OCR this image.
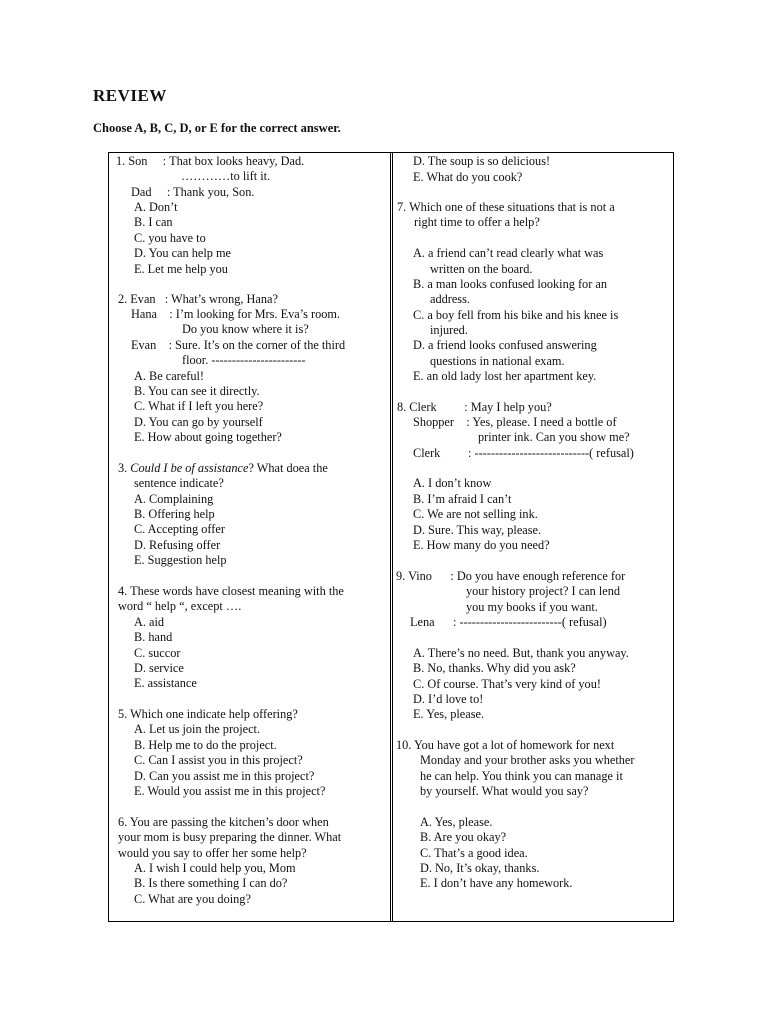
REVIEW
Choose A, B, C, D, or E for the correct answer.
1. Son     : That box looks heavy, Dad.
…………to lift it.
Dad     : Thank you, Son.
A. Don’t
B. I can
C. you have to
D. You can help me
E. Let me help you
2. Evan   : What’s wrong, Hana?
Hana    : I’m looking for Mrs. Eva’s room.
Do you know where it is?
Evan    : Sure. It’s on the corner of the third
floor. -----------------------
A. Be careful!
B. You can see it directly.
C. What if I left you here?
D. You can go by yourself
E. How about going together?
3. Could I be of assistance? What doea the
sentence indicate?
A. Complaining
B. Offering help
C. Accepting offer
D. Refusing offer
E. Suggestion help
4. These words have closest meaning with the
word “ help “, except ….
A. aid
B. hand
C. succor
D. service
E. assistance
5. Which one indicate help offering?
A. Let us join the project.
B. Help me to do the project.
C. Can I assist you in this project?
D. Can you assist me in this project?
E. Would you assist me in this project?
6. You are passing the kitchen’s door when
your mom is busy preparing the dinner. What
would you say to offer her some help?
A. I wish I could help you, Mom
B. Is there something I can do?
C. What are you doing?
D. The soup is so delicious!
E. What do you cook?
7. Which one of these situations that is not a
right time to offer a help?
A. a friend can’t read clearly what was
written on the board.
B. a man looks confused looking for an
address.
C. a boy fell from his bike and his knee is
injured.
D. a friend looks confused answering
questions in national exam.
E. an old lady lost her apartment key.
8. Clerk         : May I help you?
Shopper    : Yes, please. I need a bottle of
printer ink. Can you show me?
Clerk         : ----------------------------( refusal)
A. I don’t know
B. I’m afraid I can’t
C. We are not selling ink.
D. Sure. This way, please.
E. How many do you need?
9. Vino      : Do you have enough reference for
your history project? I can lend
you my books if you want.
Lena      : -------------------------( refusal)
A. There’s no need. But, thank you anyway.
B. No, thanks. Why did you ask?
C. Of course. That’s very kind of you!
D. I’d love to!
E. Yes, please.
10. You have got a lot of homework for next
Monday and your brother asks you whether
he can help. You think you can manage it
by yourself. What would you say?
A. Yes, please.
B. Are you okay?
C. That’s a good idea.
D. No, It’s okay, thanks.
E. I don’t have any homework.
